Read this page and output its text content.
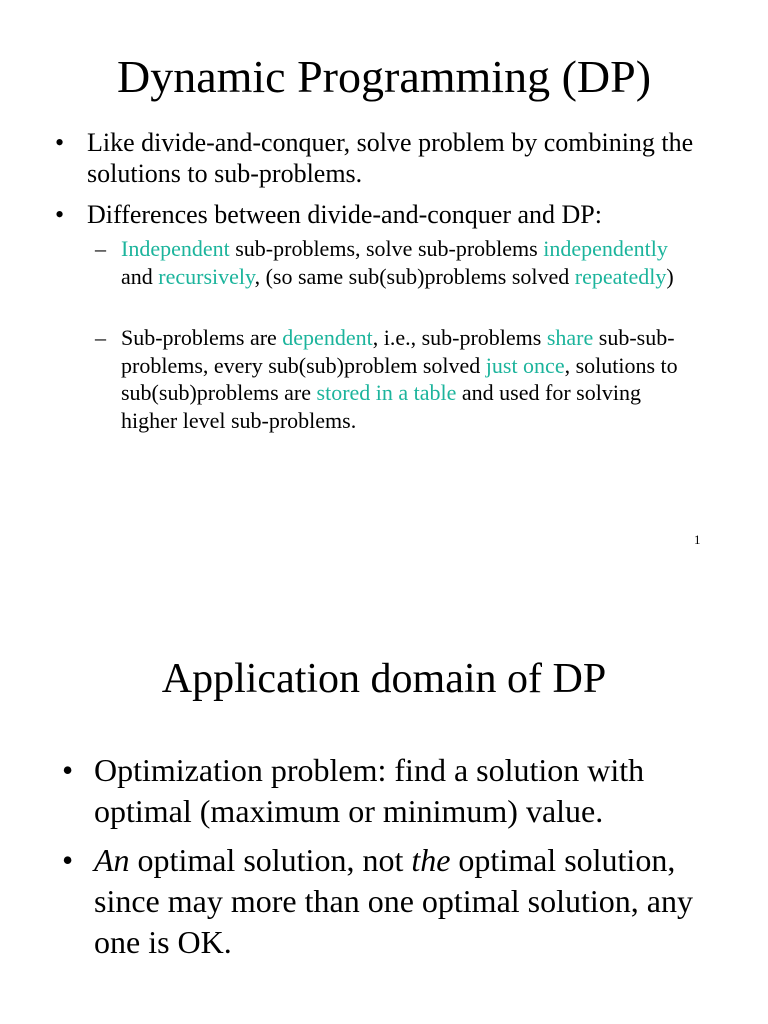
Dynamic Programming (DP)
• Like divide-and-conquer, solve problem by combining the solutions to sub-problems.
• Differences between divide-and-conquer and DP:
– Independent sub-problems, solve sub-problems independently and recursively, (so same sub(sub)problems solved repeatedly)
– Sub-problems are dependent, i.e., sub-problems share sub-sub-problems, every sub(sub)problem solved just once, solutions to sub(sub)problems are stored in a table and used for solving higher level sub-problems.
1
Application domain of DP
• Optimization problem: find a solution with optimal (maximum or minimum) value.
• An optimal solution, not the optimal solution, since may more than one optimal solution, any one is OK.
